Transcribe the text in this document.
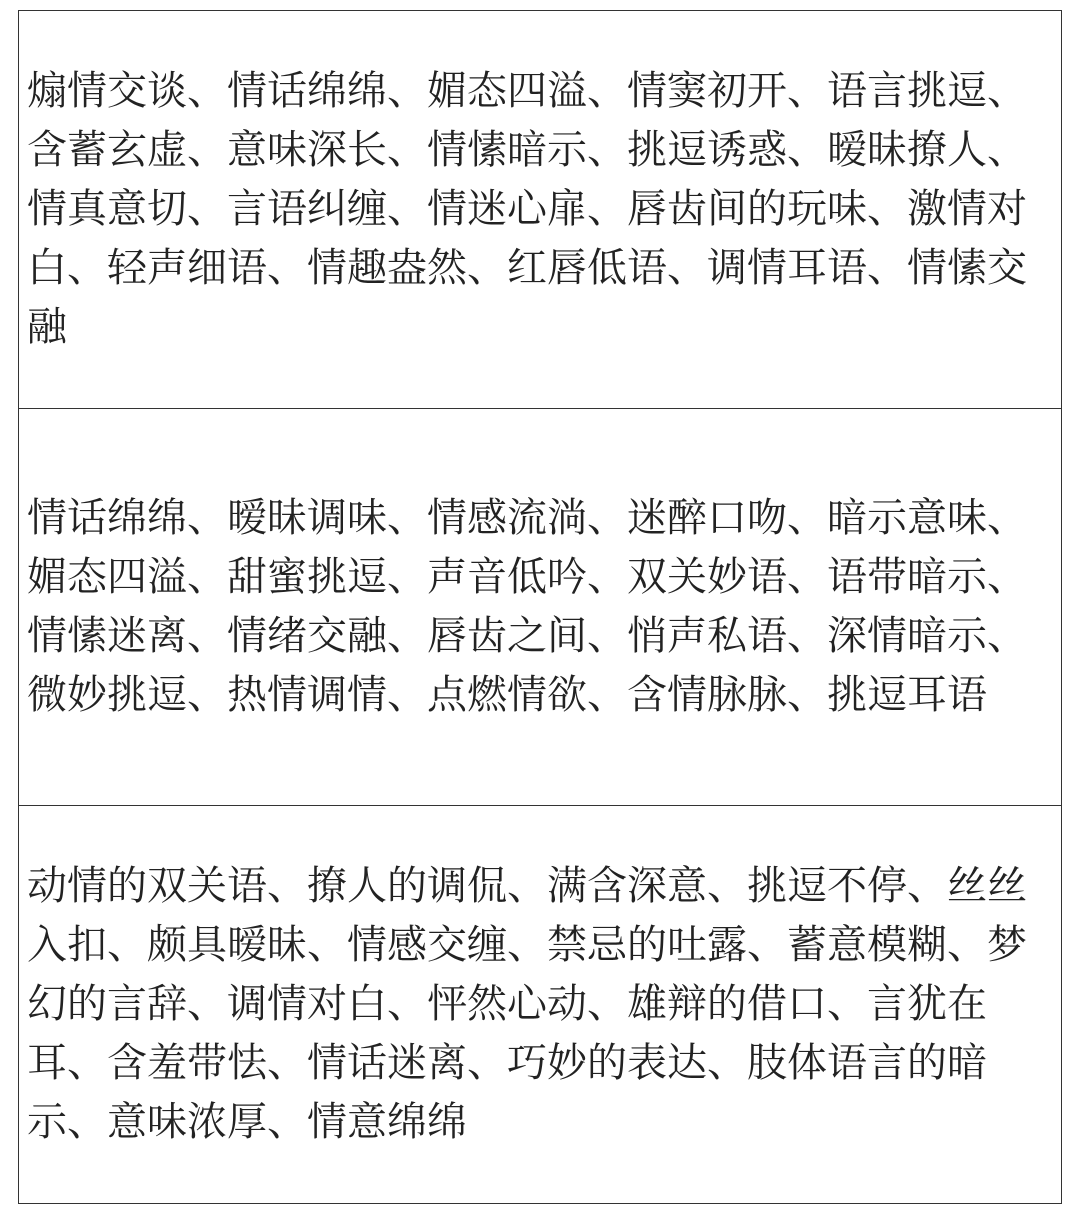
煽情交谈、情话绵绵、媚态四溢、情窦初开、语言挑逗、含蓄玄虚、意味深长、情愫暗示、挑逗诱惑、暧昧撩人、情真意切、言语纠缠、情迷心扉、唇齿间的玩味、激情对白、轻声细语、情趣盎然、红唇低语、调情耳语、情愫交融

情话绵绵、暧昧调味、情感流淌、迷醉口吻、暗示意味、媚态四溢、甜蜜挑逗、声音低吟、双关妙语、语带暗示、情愫迷离、情绪交融、唇齿之间、悄声私语、深情暗示、微妙挑逗、热情调情、点燃情欲、含情脉脉、挑逗耳语

动情的双关语、撩人的调侃、满含深意、挑逗不停、丝丝入扣、颇具暧昧、情感交缠、禁忌的吐露、蓄意模糊、梦幻的言辞、调情对白、怦然心动、雄辩的借口、言犹在耳、含羞带怯、情话迷离、巧妙的表达、肢体语言的暗示、意味浓厚、情意绵绵
